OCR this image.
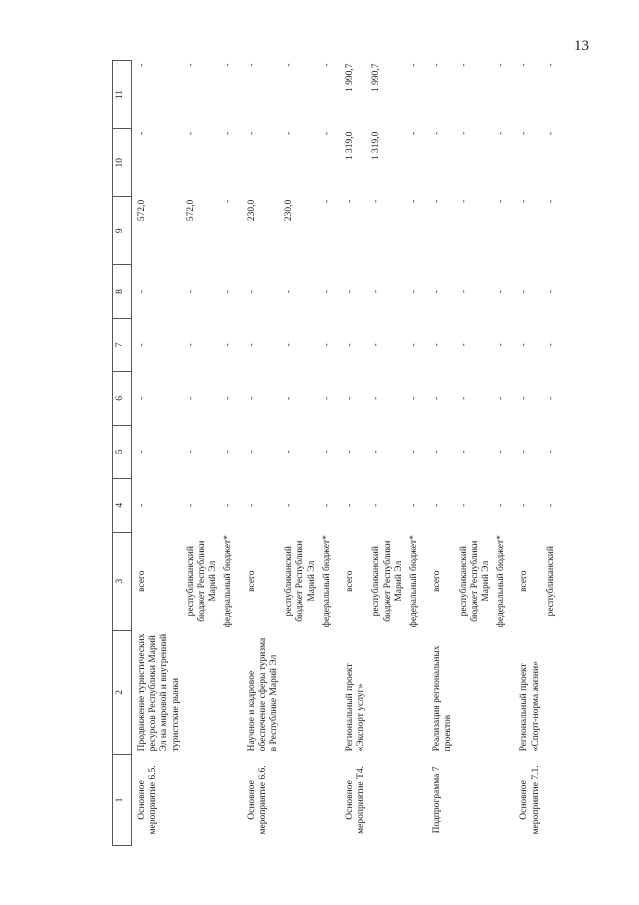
13
1	2	3	4	5	6	7	8	9	10	11
Основное мероприятие 6.5.	Продвижение туристических ресурсов Республики Марий Эл на мировой и внутренний туристские рынки	всего	-	-	-	-	-	572,0	-	-
		республиканский бюджет Республики Марий Эл	-	-	-	-	-	572,0	-	-
		федеральный бюджет*	-	-	-	-	-	-	-	-
Основное мероприятие 6.6.	Научное и кадровое обеспечение сферы туризма в Республике Марий Эл	всего	-	-	-	-	-	230,0	-	-
		республиканский бюджет Республики Марий Эл	-	-	-	-	-	230,0	-	-
		федеральный бюджет*	-	-	-	-	-	-	-	-
Основное мероприятие Т4.	Региональный проект «Экспорт услуг»	всего	-	-	-	-	-	-	1 319,0	1 990,7
		республиканский бюджет Республики Марий Эл	-	-	-	-	-	-	1 319,0	1 990,7
		федеральный бюджет*	-	-	-	-	-	-	-	-
Подпрограмма 7	Реализация региональных проектов	всего	-	-	-	-	-	-	-	-
		республиканский бюджет Республики Марий Эл	-	-	-	-	-	-	-	-
		федеральный бюджет*	-	-	-	-	-	-	-	-
Основное мероприятие 7.1.	Региональный проект «Спорт-норма жизни»	всего	-	-	-	-	-	-	-	-
		республиканский	-	-	-	-	-	-	-	-
